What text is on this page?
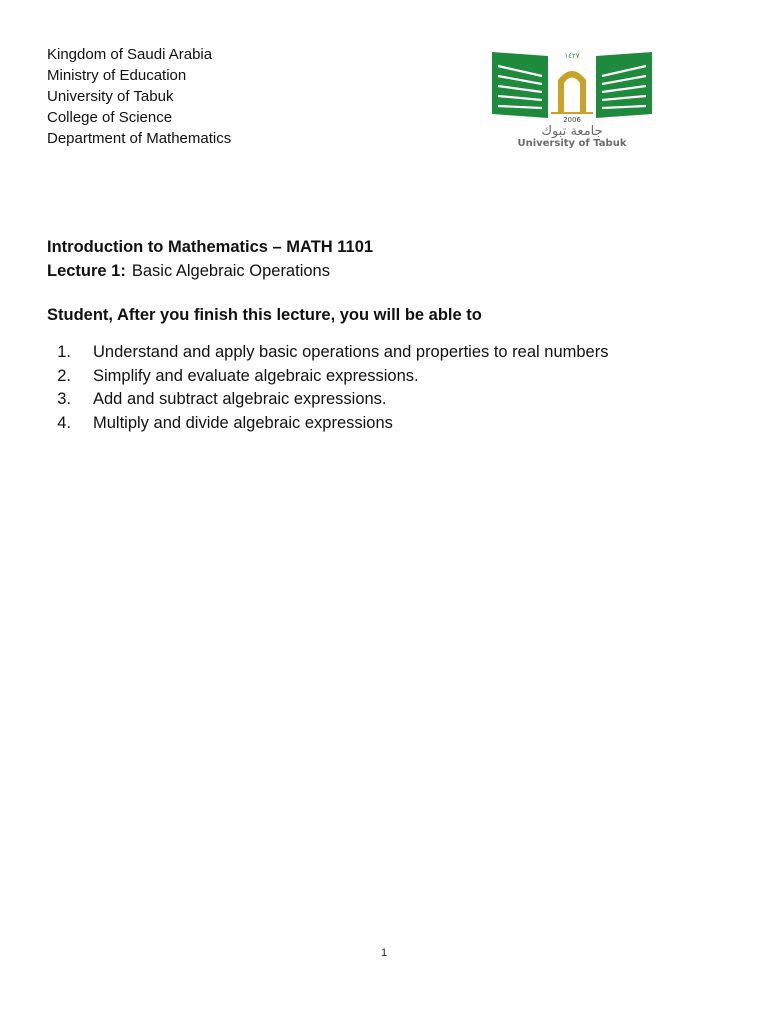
Kingdom of Saudi Arabia
Ministry of Education
University of Tabuk
College of Science
Department of Mathematics
١٤٢٧
2006
جامعة تبوك
University of Tabuk
Introduction to Mathematics – MATH 1101
Lecture 1: Basic Algebraic Operations
Student, After you finish this lecture, you will be able to
1. Understand and apply basic operations and properties to real numbers
2. Simplify and evaluate algebraic expressions.
3. Add and subtract algebraic expressions.
4. Multiply and divide algebraic expressions
1
